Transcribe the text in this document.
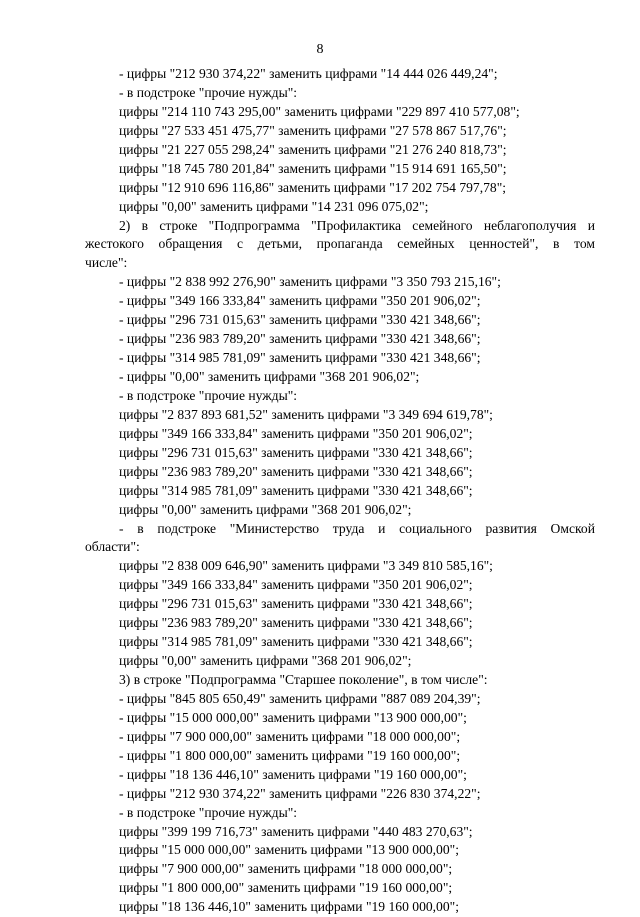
8
- цифры "212 930 374,22" заменить цифрами "14 444 026 449,24";
- в подстроке "прочие нужды":
цифры "214 110 743 295,00" заменить цифрами "229 897 410 577,08";
цифры "27 533 451 475,77" заменить цифрами "27 578 867 517,76";
цифры "21 227 055 298,24" заменить цифрами "21 276 240 818,73";
цифры "18 745 780 201,84" заменить цифрами "15 914 691 165,50";
цифры "12 910 696 116,86" заменить цифрами "17 202 754 797,78";
цифры "0,00" заменить цифрами "14 231 096 075,02";
2) в строке "Подпрограмма "Профилактика семейного неблагополучия и
жестокого обращения с детьми, пропаганда семейных ценностей", в том
числе":
- цифры "2 838 992 276,90" заменить цифрами "3 350 793 215,16";
- цифры "349 166 333,84" заменить цифрами "350 201 906,02";
- цифры "296 731 015,63" заменить цифрами "330 421 348,66";
- цифры "236 983 789,20" заменить цифрами "330 421 348,66";
- цифры "314 985 781,09" заменить цифрами "330 421 348,66";
- цифры "0,00" заменить цифрами "368 201 906,02";
- в подстроке "прочие нужды":
цифры "2 837 893 681,52" заменить цифрами "3 349 694 619,78";
цифры "349 166 333,84" заменить цифрами "350 201 906,02";
цифры "296 731 015,63" заменить цифрами "330 421 348,66";
цифры "236 983 789,20" заменить цифрами "330 421 348,66";
цифры "314 985 781,09" заменить цифрами "330 421 348,66";
цифры "0,00" заменить цифрами "368 201 906,02";
- в подстроке "Министерство труда и социального развития Омской
области":
цифры "2 838 009 646,90" заменить цифрами "3 349 810 585,16";
цифры "349 166 333,84" заменить цифрами "350 201 906,02";
цифры "296 731 015,63" заменить цифрами "330 421 348,66";
цифры "236 983 789,20" заменить цифрами "330 421 348,66";
цифры "314 985 781,09" заменить цифрами "330 421 348,66";
цифры "0,00" заменить цифрами "368 201 906,02";
3) в строке "Подпрограмма "Старшее поколение", в том числе":
- цифры "845 805 650,49" заменить цифрами "887 089 204,39";
- цифры "15 000 000,00" заменить цифрами "13 900 000,00";
- цифры "7 900 000,00" заменить цифрами "18 000 000,00";
- цифры "1 800 000,00" заменить цифрами "19 160 000,00";
- цифры "18 136 446,10" заменить цифрами "19 160 000,00";
- цифры "212 930 374,22" заменить цифрами "226 830 374,22";
- в подстроке "прочие нужды":
цифры "399 199 716,73" заменить цифрами "440 483 270,63";
цифры "15 000 000,00" заменить цифрами "13 900 000,00";
цифры "7 900 000,00" заменить цифрами "18 000 000,00";
цифры "1 800 000,00" заменить цифрами "19 160 000,00";
цифры "18 136 446,10" заменить цифрами "19 160 000,00";
